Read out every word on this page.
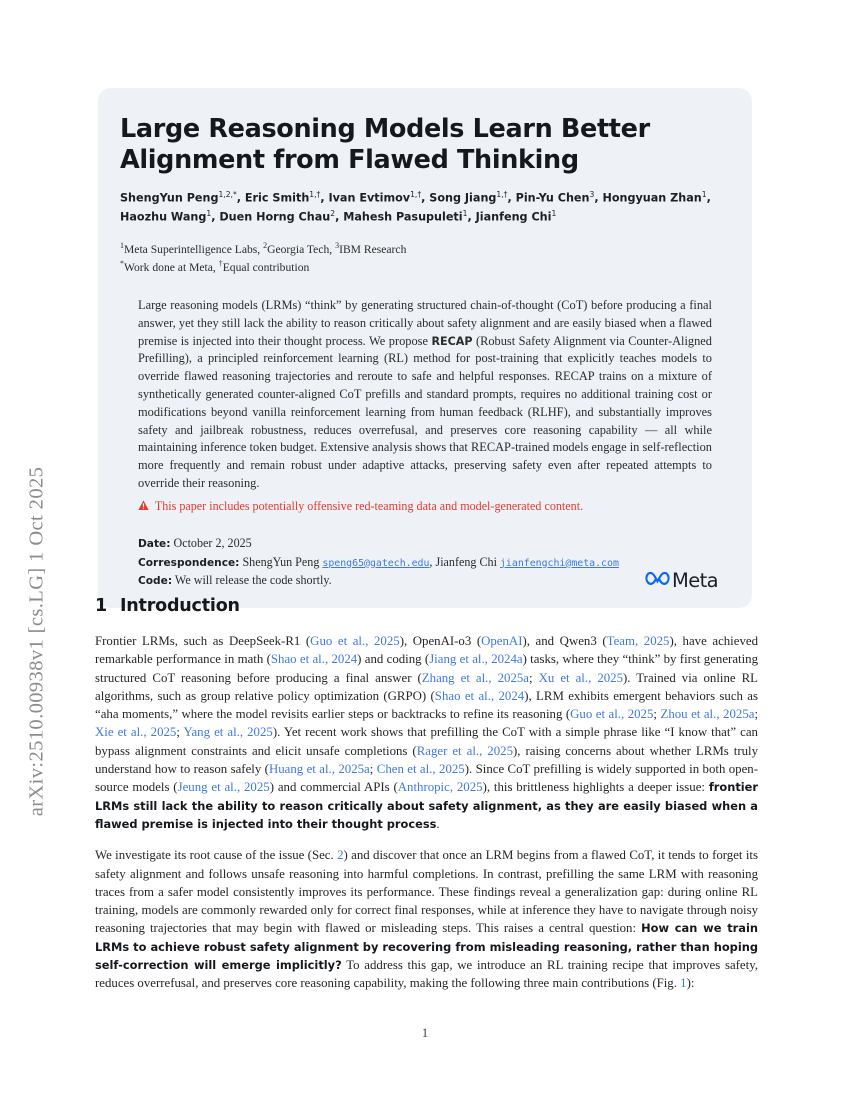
arXiv:2510.00938v1 [cs.LG] 1 Oct 2025
Large Reasoning Models Learn Better Alignment from Flawed Thinking
ShengYun Peng$^{1,2,*}$, Eric Smith$^{1,\dagger}$, Ivan Evtimov$^{1,\dagger}$, Song Jiang$^{1,\dagger}$, Pin-Yu Chen$^3$, Hongyuan Zhan$^1$, Haozhu Wang$^1$, Duen Horng Chau$^2$, Mahesh Pasupuleti$^1$, Jianfeng Chi$^1$
$^1$Meta Superintelligence Labs, $^2$Georgia Tech, $^3$IBM Research
*Work done at Meta, †Equal contribution

Large reasoning models (LRMs) “think” by generating structured chain-of-thought (CoT) before producing a final answer, yet they still lack the ability to reason critically about safety alignment and are easily biased when a flawed premise is injected into their thought process. We propose RECAP (Robust Safety Alignment via Counter-Aligned Prefilling), a principled reinforcement learning (RL) method for post-training that explicitly teaches models to override flawed reasoning trajectories and reroute to safe and helpful responses. RECAP trains on a mixture of synthetically generated counter-aligned CoT prefills and standard prompts, requires no additional training cost or modifications beyond vanilla reinforcement learning from human feedback (RLHF), and substantially improves safety and jailbreak robustness, reduces overrefusal, and preserves core reasoning capability — all while maintaining inference token budget. Extensive analysis shows that RECAP-trained models engage in self-reflection more frequently and remain robust under adaptive attacks, preserving safety even after repeated attempts to override their reasoning.

This paper includes potentially offensive red-teaming data and model-generated content.
Date: October 2, 2025
Correspondence: ShengYun Peng speng65@gatech.edu, Jianfeng Chi jianfengchi@meta.com
Code: We will release the code shortly.	Meta
1 Introduction

Frontier LRMs, such as DeepSeek-R1 (Guo et al., 2025), OpenAI-o3 (OpenAI), and Qwen3 (Team, 2025), have achieved remarkable performance in math (Shao et al., 2024) and coding (Jiang et al., 2024a) tasks, where they “think” by first generating structured CoT reasoning before producing a final answer (Zhang et al., 2025a; Xu et al., 2025). Trained via online RL algorithms, such as group relative policy optimization (GRPO) (Shao et al., 2024), LRM exhibits emergent behaviors such as “aha moments,” where the model revisits earlier steps or backtracks to refine its reasoning (Guo et al., 2025; Zhou et al., 2025a; Xie et al., 2025; Yang et al., 2025). Yet recent work shows that prefilling the CoT with a simple phrase like “I know that” can bypass alignment constraints and elicit unsafe completions (Rager et al., 2025), raising concerns about whether LRMs truly understand how to reason safely (Huang et al., 2025a; Chen et al., 2025). Since CoT prefilling is widely supported in both open-source models (Jeung et al., 2025) and commercial APIs (Anthropic, 2025), this brittleness highlights a deeper issue: frontier LRMs still lack the ability to reason critically about safety alignment, as they are easily biased when a flawed premise is injected into their thought process.

We investigate its root cause of the issue (Sec. 2) and discover that once an LRM begins from a flawed CoT, it tends to forget its safety alignment and follows unsafe reasoning into harmful completions. In contrast, prefilling the same LRM with reasoning traces from a safer model consistently improves its performance. These findings reveal a generalization gap: during online RL training, models are commonly rewarded only for correct final responses, while at inference they have to navigate through noisy reasoning trajectories that may begin with flawed or misleading steps. This raises a central question: How can we train LRMs to achieve robust safety alignment by recovering from misleading reasoning, rather than hoping self-correction will emerge implicitly? To address this gap, we introduce an RL training recipe that improves safety, reduces overrefusal, and preserves core reasoning capability, making the following three main contributions (Fig. 1):

1
